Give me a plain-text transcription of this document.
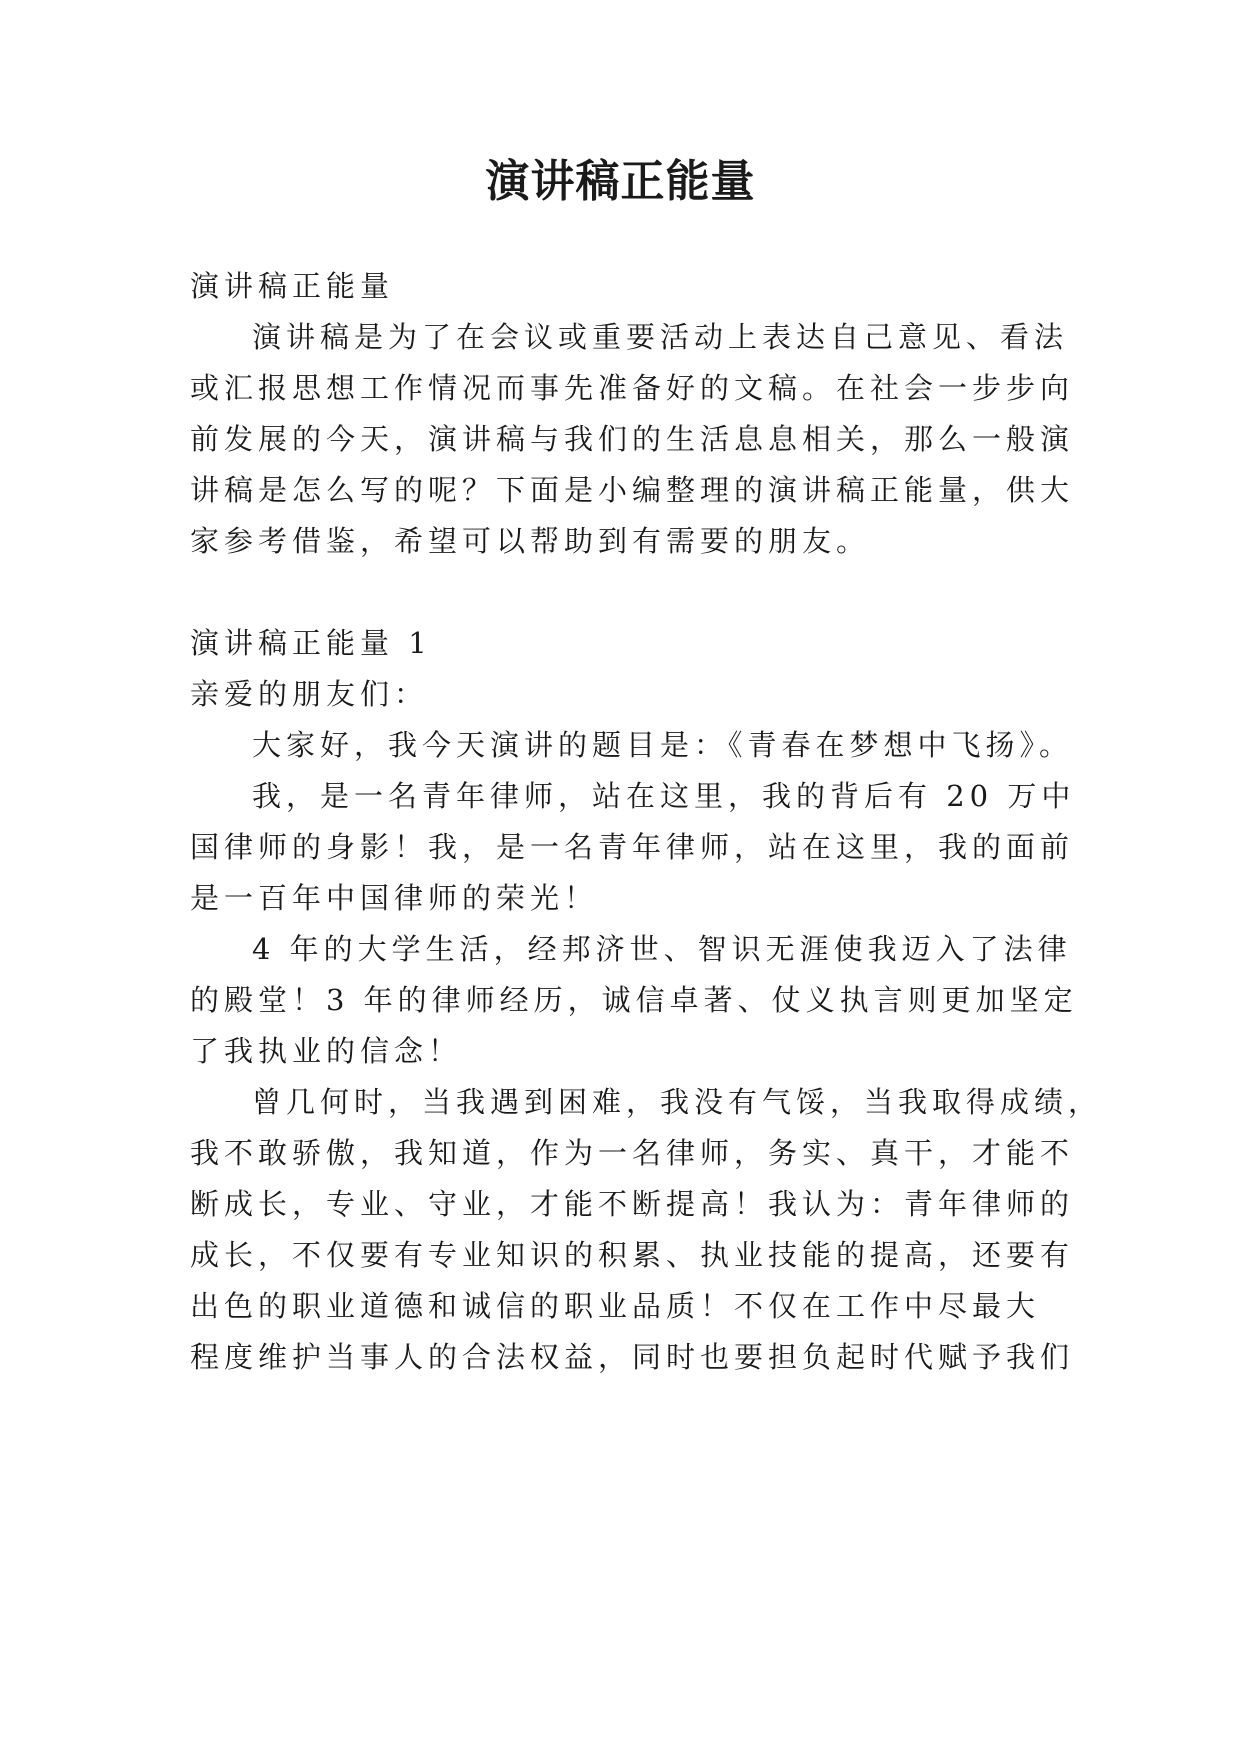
演讲稿正能量

演讲稿正能量

演讲稿是为了在会议或重要活动上表达自己意见、看法

或汇报思想工作情况而事先准备好的文稿。在社会一步步向

前发展的今天，演讲稿与我们的生活息息相关，那么一般演

讲稿是怎么写的呢？下面是小编整理的演讲稿正能量，供大

家参考借鉴，希望可以帮助到有需要的朋友。

演讲稿正能量 1

亲爱的朋友们：

大家好，我今天演讲的题目是：《青春在梦想中飞扬》。

我，是一名青年律师，站在这里，我的背后有 20 万中

国律师的身影！我，是一名青年律师，站在这里，我的面前

是一百年中国律师的荣光！

4 年的大学生活，经邦济世、智识无涯使我迈入了法律

的殿堂！3 年的律师经历，诚信卓著、仗义执言则更加坚定

了我执业的信念！

曾几何时，当我遇到困难，我没有气馁，当我取得成绩，

我不敢骄傲，我知道，作为一名律师，务实、真干，才能不

断成长，专业、守业，才能不断提高！我认为：青年律师的

成长，不仅要有专业知识的积累、执业技能的提高，还要有

出色的职业道德和诚信的职业品质！不仅在工作中尽最大

程度维护当事人的合法权益，同时也要担负起时代赋予我们
